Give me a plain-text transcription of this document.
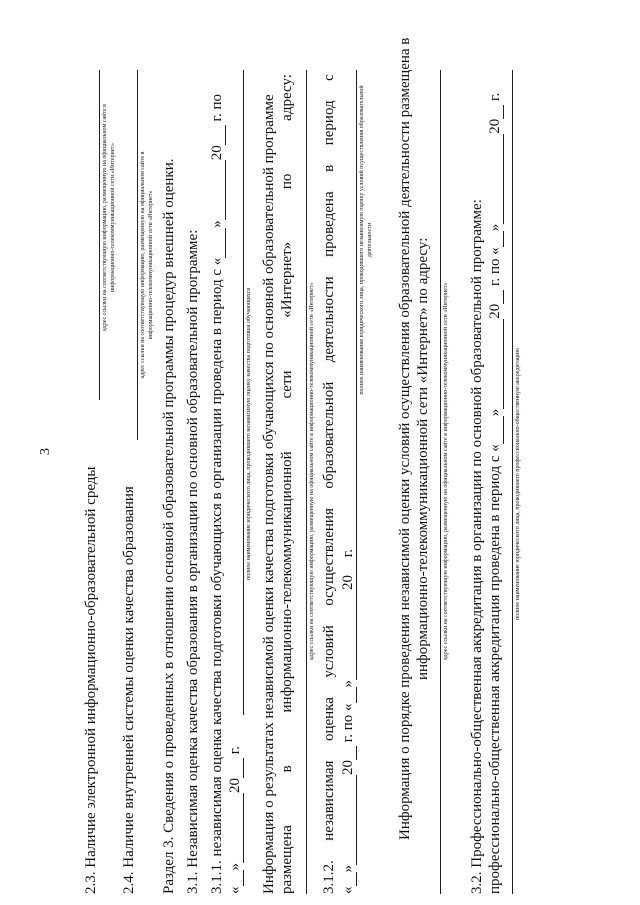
3
2.3. Наличие электронной информационно-образовательной среды
адрес ссылки на соответствующую информацию, размещенную на официальном сайте в информационно-телекоммуникационной сети «Интернет»
2.4. Наличие внутренней системы оценки качества образования
адрес ссылки на соответствующую информацию, размещенную на официальном сайте в информационно-телекоммуникационной сети «Интернет» Раздел 3. Сведения о проведенных в отношении основной образовательной программы процедур внешней оценки. 3.1. Независимая оценка качества образования в организации по основной образовательной программе: 3.1.1. независимая оценка качества подготовки обучающихся в организации проведена в период с « » 20  г. по
« » 20  г.
полное наименование юридического лица, проводившего независимую оценку качества подготовки обучающихся Информация о результатах независимой оценки качества подготовки обучающихся по основной образовательной программе размещена
в
информационно-телекоммуникационной
сети
«Интернет»
по
адресу:
адрес ссылки на соответствующую информацию, размещенную на официальном сайте в информационно-телекоммуникационной сети «Интернет»
3.1.2.
независимая
оценка
условий
осуществления
образовательной
деятельности
проведена
в
период
с
« » 20  г. по « » 20  г.
полное наименование юридического лица, проводившего независимую оценку условий осуществления образовательной деятельности Информация о порядке проведения независимой оценки условий осуществления образовательной деятельности размещена в информационно-телекоммуникационной сети «Интернет» по адресу: адрес ссылки на соответствующую информацию, размещенную на официальном сайте в информационно-телекоммуникационной сети «Интернет» 3.2. Профессионально-общественная аккредитация в организации по основной образовательной программе: профессионально-общественная аккредитация проведена в период с « » 20  г. по « » 20  г.
полное наименование юридического лица, проводившего профессионально-общественную аккредитацию
